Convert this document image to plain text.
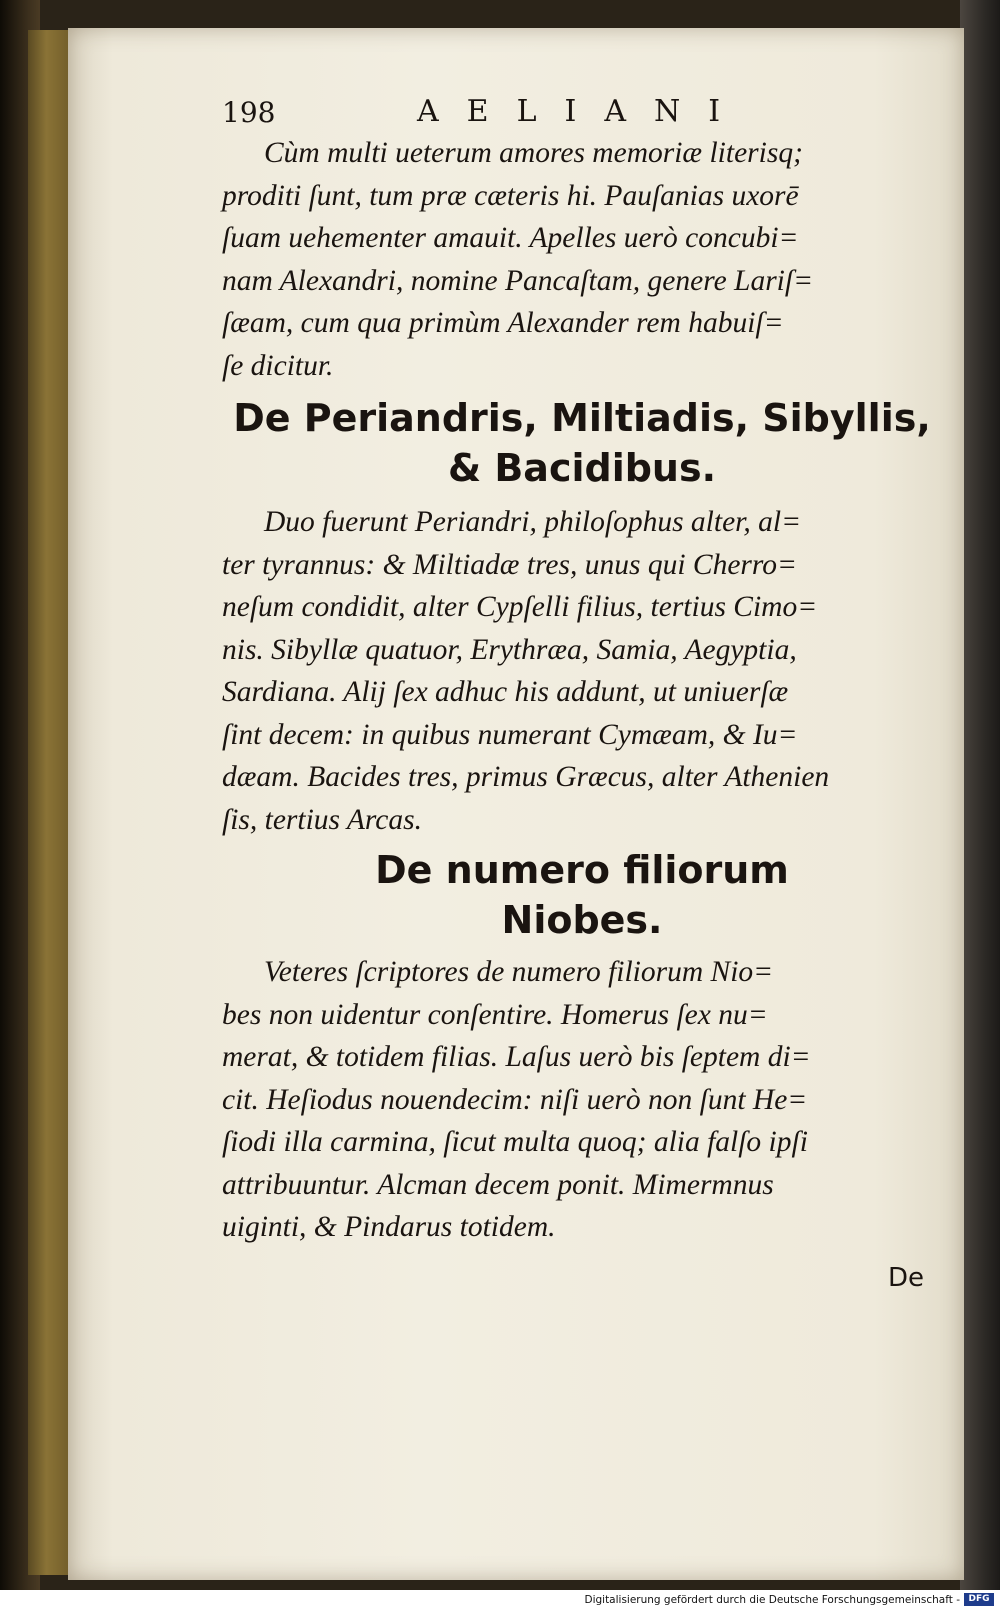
198	AELIANI

Cùm multi ueterum amores memoriæ literisq;
proditi ſunt, tum præ cæteris hi. Pauſanias uxorē
ſuam uehementer amauit. Apelles uerò concubi=
nam Alexandri, nomine Pancaſtam, genere Lariſ=
ſæam, cum qua primùm Alexander rem habuiſ=
ſe dicitur.

De Periandris, Miltiadis, Sibyllis,
& Bacidibus.

Duo fuerunt Periandri, philoſophus alter, al=
ter tyrannus: & Miltiadæ tres, unus qui Cherro=
neſum condidit, alter Cypſelli filius, tertius Cimo=
nis. Sibyllæ quatuor, Erythræa, Samia, Aegyptia,
Sardiana. Alij ſex adhuc his addunt, ut uniuerſæ
ſint decem: in quibus numerant Cymæam, & Iu=
dæam. Bacides tres, primus Græcus, alter Athenien
ſis, tertius Arcas.

De numero filiorum
Niobes.

Veteres ſcriptores de numero filiorum Nio=
bes non uidentur conſentire. Homerus ſex nu=
merat, & totidem filias. Laſus uerò bis ſeptem di=
cit. Heſiodus nouendecim: niſi uerò non ſunt He=
ſiodi illa carmina, ſicut multa quoq; alia falſo ipſi
attribuuntur. Alcman decem ponit. Mimermnus
uiginti, & Pindarus totidem.

De
Digitalisierung gefördert durch die Deutsche Forschungsgemeinschaft - DFG
